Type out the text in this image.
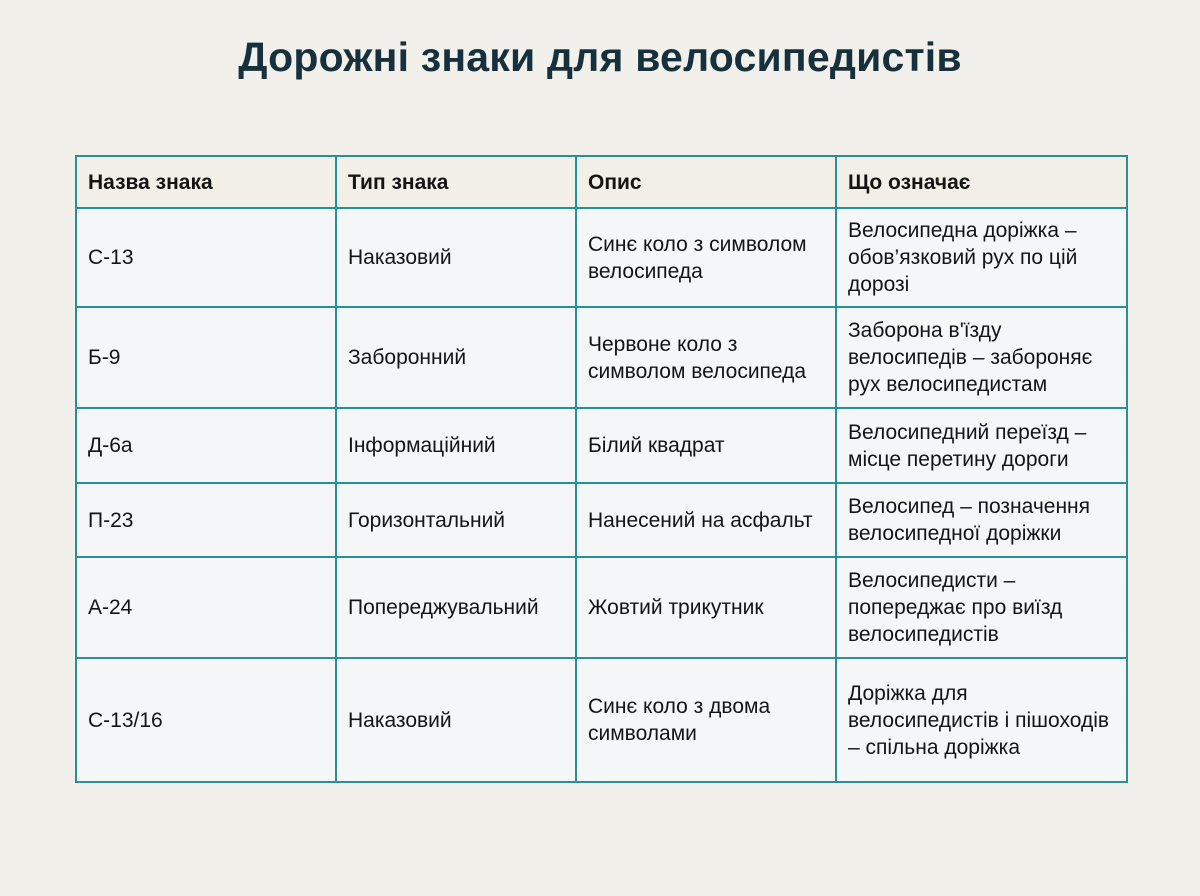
Дорожні знаки для велосипедистів
Назва знака	Тип знака	Опис	Що означає
С-13	Наказовий	Синє коло з символом велосипеда	Велосипедна доріжка – обов’язковий рух по цій дорозі
Б-9	Заборонний	Червоне коло з символом велосипеда	Заборона в'їзду велосипедів – забороняє рух велосипедистам
Д-6а	Інформаційний	Білий квадрат	Велосипедний переїзд – місце перетину дороги
П-23	Горизонтальний	Нанесений на асфальт	Велосипед – позначення велосипедної доріжки
А-24	Попереджувальний	Жовтий трикутник	Велосипедисти – попереджає про виїзд велосипедистів
С-13/16	Наказовий	Синє коло з двома символами	Доріжка для велосипедистів і пішоходів – спільна доріжка
